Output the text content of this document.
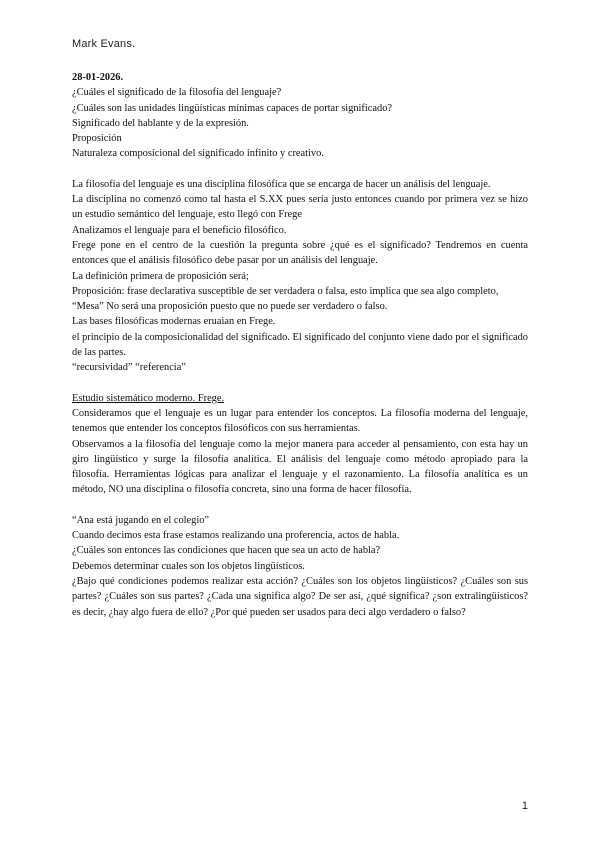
Mark Evans.

28-01-2026.

¿Cuáles el significado de la filosofía del lenguaje?

¿Cuáles son las unidades lingüísticas mínimas capaces de portar significado?

Significado del hablante y de la expresión.

Proposición

Naturaleza composicional del significado infinito y creativo.

La filosofía del lenguaje es una disciplina filosófica que se encarga de hacer un análisis del lenguaje.

La disciplina no comenzó como tal hasta el S.XX pues sería justo entonces cuando por primera vez se hizo un estudio semántico del lenguaje, esto llegó con Frege

Analizamos el lenguaje para el beneficio filosófico.

Frege pone en el centro de la cuestión la pregunta sobre ¿qué es el significado? Tendremos en cuenta entonces que el análisis filosófico debe pasar por un análisis del lenguaje.

La definición primera de proposición será;

Proposición: frase declarativa susceptible de ser verdadera o falsa, esto implica que sea algo completo,

“Mesa” No será una proposición puesto que no puede ser verdadero o falso.

Las bases filosóficas modernas eruaian en Frege.

el principio de la composicionalidad del significado. El significado del conjunto viene dado por el significado de las partes.

“recursividad” “referencia”

Estudio sistemático moderno. Frege.

Consideramos que el lenguaje es un lugar para entender los conceptos. La filosofía moderna del lenguaje, tenemos que entender los conceptos filosóficos con sus herramientas.

Observamos a la filosofía del lenguaje como la mejor manera para acceder al pensamiento, con esta hay un giro lingüístico y surge la filosofía analítica. El análisis del lenguaje como método apropiado para la filosofía. Herramientas lógicas para analizar el lenguaje y el razonamiento. La filosofía analítica es un método, NO una disciplina o filosofía concreta, sino una forma de hacer filosofía.

“Ana está jugando en el colegio”

Cuando decimos esta frase estamos realizando una proferencia, actos de habla.

¿Cuáles son entonces las condiciones que hacen que sea un acto de habla?

Debemos determinar cuales son los objetos lingüísticos.

¿Bajo qué condiciones podemos realizar esta acción? ¿Cuáles son los objetos lingüísticos? ¿Cuáles son sus partes? ¿Cuáles son sus partes? ¿Cada una significa algo? De ser así, ¿qué significa? ¿son extralingüísticos? es decir, ¿hay algo fuera de ello? ¿Por qué pueden ser usados para deci algo verdadero o falso?

1
